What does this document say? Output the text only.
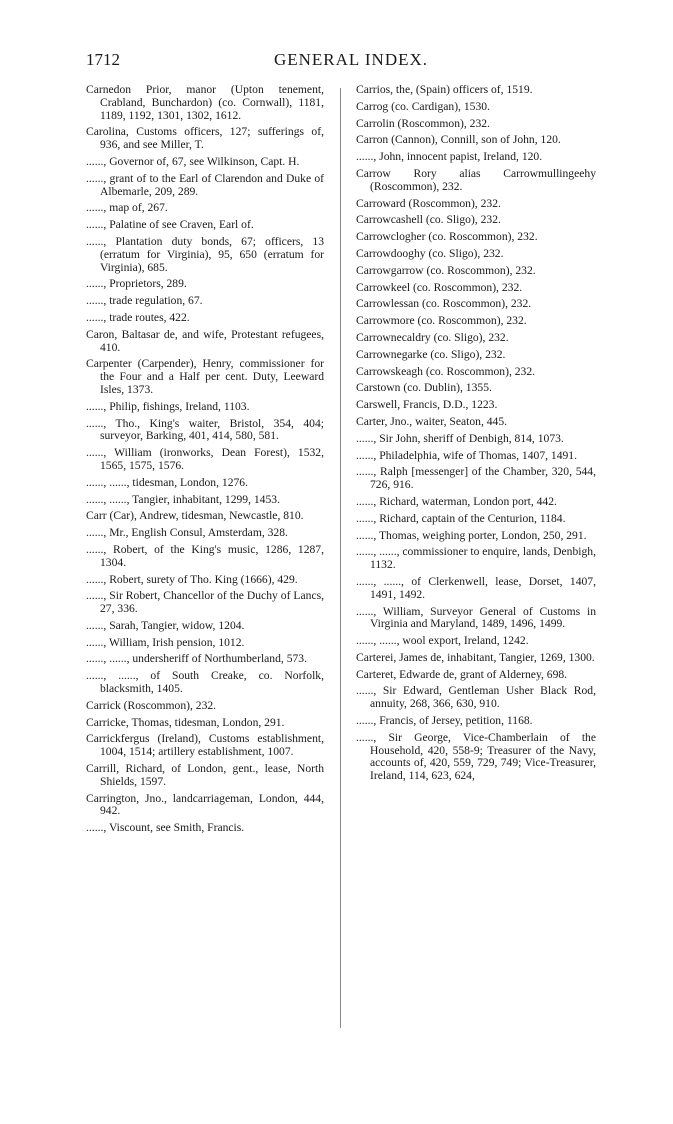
1712	GENERAL INDEX.
Carnedon Prior, manor (Upton tenement, Crabland, Bunchardon) (co. Cornwall), 1181, 1189, 1192, 1301, 1302, 1612.
Carolina, Customs officers, 127; sufferings of, 936, and see Miller, T.
......, Governor of, 67, see Wilkinson, Capt. H.
......, grant of to the Earl of Clarendon and Duke of Albemarle, 209, 289.
......, map of, 267.
......, Palatine of see Craven, Earl of.
......, Plantation duty bonds, 67; officers, 13 (erratum for Virginia), 95, 650 (erratum for Virginia), 685.
......, Proprietors, 289.
......, trade regulation, 67.
......, trade routes, 422.
Caron, Baltasar de, and wife, Protestant refugees, 410.
Carpenter (Carpender), Henry, commissioner for the Four and a Half per cent. Duty, Leeward Isles, 1373.
......, Philip, fishings, Ireland, 1103.
......, Tho., King's waiter, Bristol, 354, 404; surveyor, Barking, 401, 414, 580, 581.
......, William (ironworks, Dean Forest), 1532, 1565, 1575, 1576.
......, ......, tidesman, London, 1276.
......, ......, Tangier, inhabitant, 1299, 1453.
Carr (Car), Andrew, tidesman, Newcastle, 810.
......, Mr., English Consul, Amsterdam, 328.
......, Robert, of the King's music, 1286, 1287, 1304.
......, Robert, surety of Tho. King (1666), 429.
......, Sir Robert, Chancellor of the Duchy of Lancs, 27, 336.
......, Sarah, Tangier, widow, 1204.
......, William, Irish pension, 1012.
......, ......, undersheriff of Northumberland, 573.
......, ......, of South Creake, co. Norfolk, blacksmith, 1405.
Carrick (Roscommon), 232.
Carricke, Thomas, tidesman, London, 291.
Carrickfergus (Ireland), Customs establishment, 1004, 1514; artillery establishment, 1007.
Carrill, Richard, of London, gent., lease, North Shields, 1597.
Carrington, Jno., landcarriageman, London, 444, 942.
......, Viscount, see Smith, Francis.
Carrios, the, (Spain) officers of, 1519.
Carrog (co. Cardigan), 1530.
Carrolin (Roscommon), 232.
Carron (Cannon), Connill, son of John, 120.
......, John, innocent papist, Ireland, 120.
Carrow Rory alias Carrowmullingeehy (Roscommon), 232.
Carroward (Roscommon), 232.
Carrowcashell (co. Sligo), 232.
Carrowclogher (co. Roscommon), 232.
Carrowdooghy (co. Sligo), 232.
Carrowgarrow (co. Roscommon), 232.
Carrowkeel (co. Roscommon), 232.
Carrowlessan (co. Roscommon), 232.
Carrowmore (co. Roscommon), 232.
Carrownecaldry (co. Sligo), 232.
Carrownegarke (co. Sligo), 232.
Carrowskeagh (co. Roscommon), 232.
Carstown (co. Dublin), 1355.
Carswell, Francis, D.D., 1223.
Carter, Jno., waiter, Seaton, 445.
......, Sir John, sheriff of Denbigh, 814, 1073.
......, Philadelphia, wife of Thomas, 1407, 1491.
......, Ralph [messenger] of the Chamber, 320, 544, 726, 916.
......, Richard, waterman, London port, 442.
......, Richard, captain of the Centurion, 1184.
......, Thomas, weighing porter, London, 250, 291.
......, ......, commissioner to enquire, lands, Denbigh, 1132.
......, ......, of Clerkenwell, lease, Dorset, 1407, 1491, 1492.
......, William, Surveyor General of Customs in Virginia and Maryland, 1489, 1496, 1499.
......, ......, wool export, Ireland, 1242.
Carterei, James de, inhabitant, Tangier, 1269, 1300.
Carteret, Edwarde de, grant of Alderney, 698.
......, Sir Edward, Gentleman Usher Black Rod, annuity, 268, 366, 630, 910.
......, Francis, of Jersey, petition, 1168.
......, Sir George, Vice-Chamberlain of the Household, 420, 558-9; Treasurer of the Navy, accounts of, 420, 559, 729, 749; Vice-Treasurer, Ireland, 114, 623, 624,
